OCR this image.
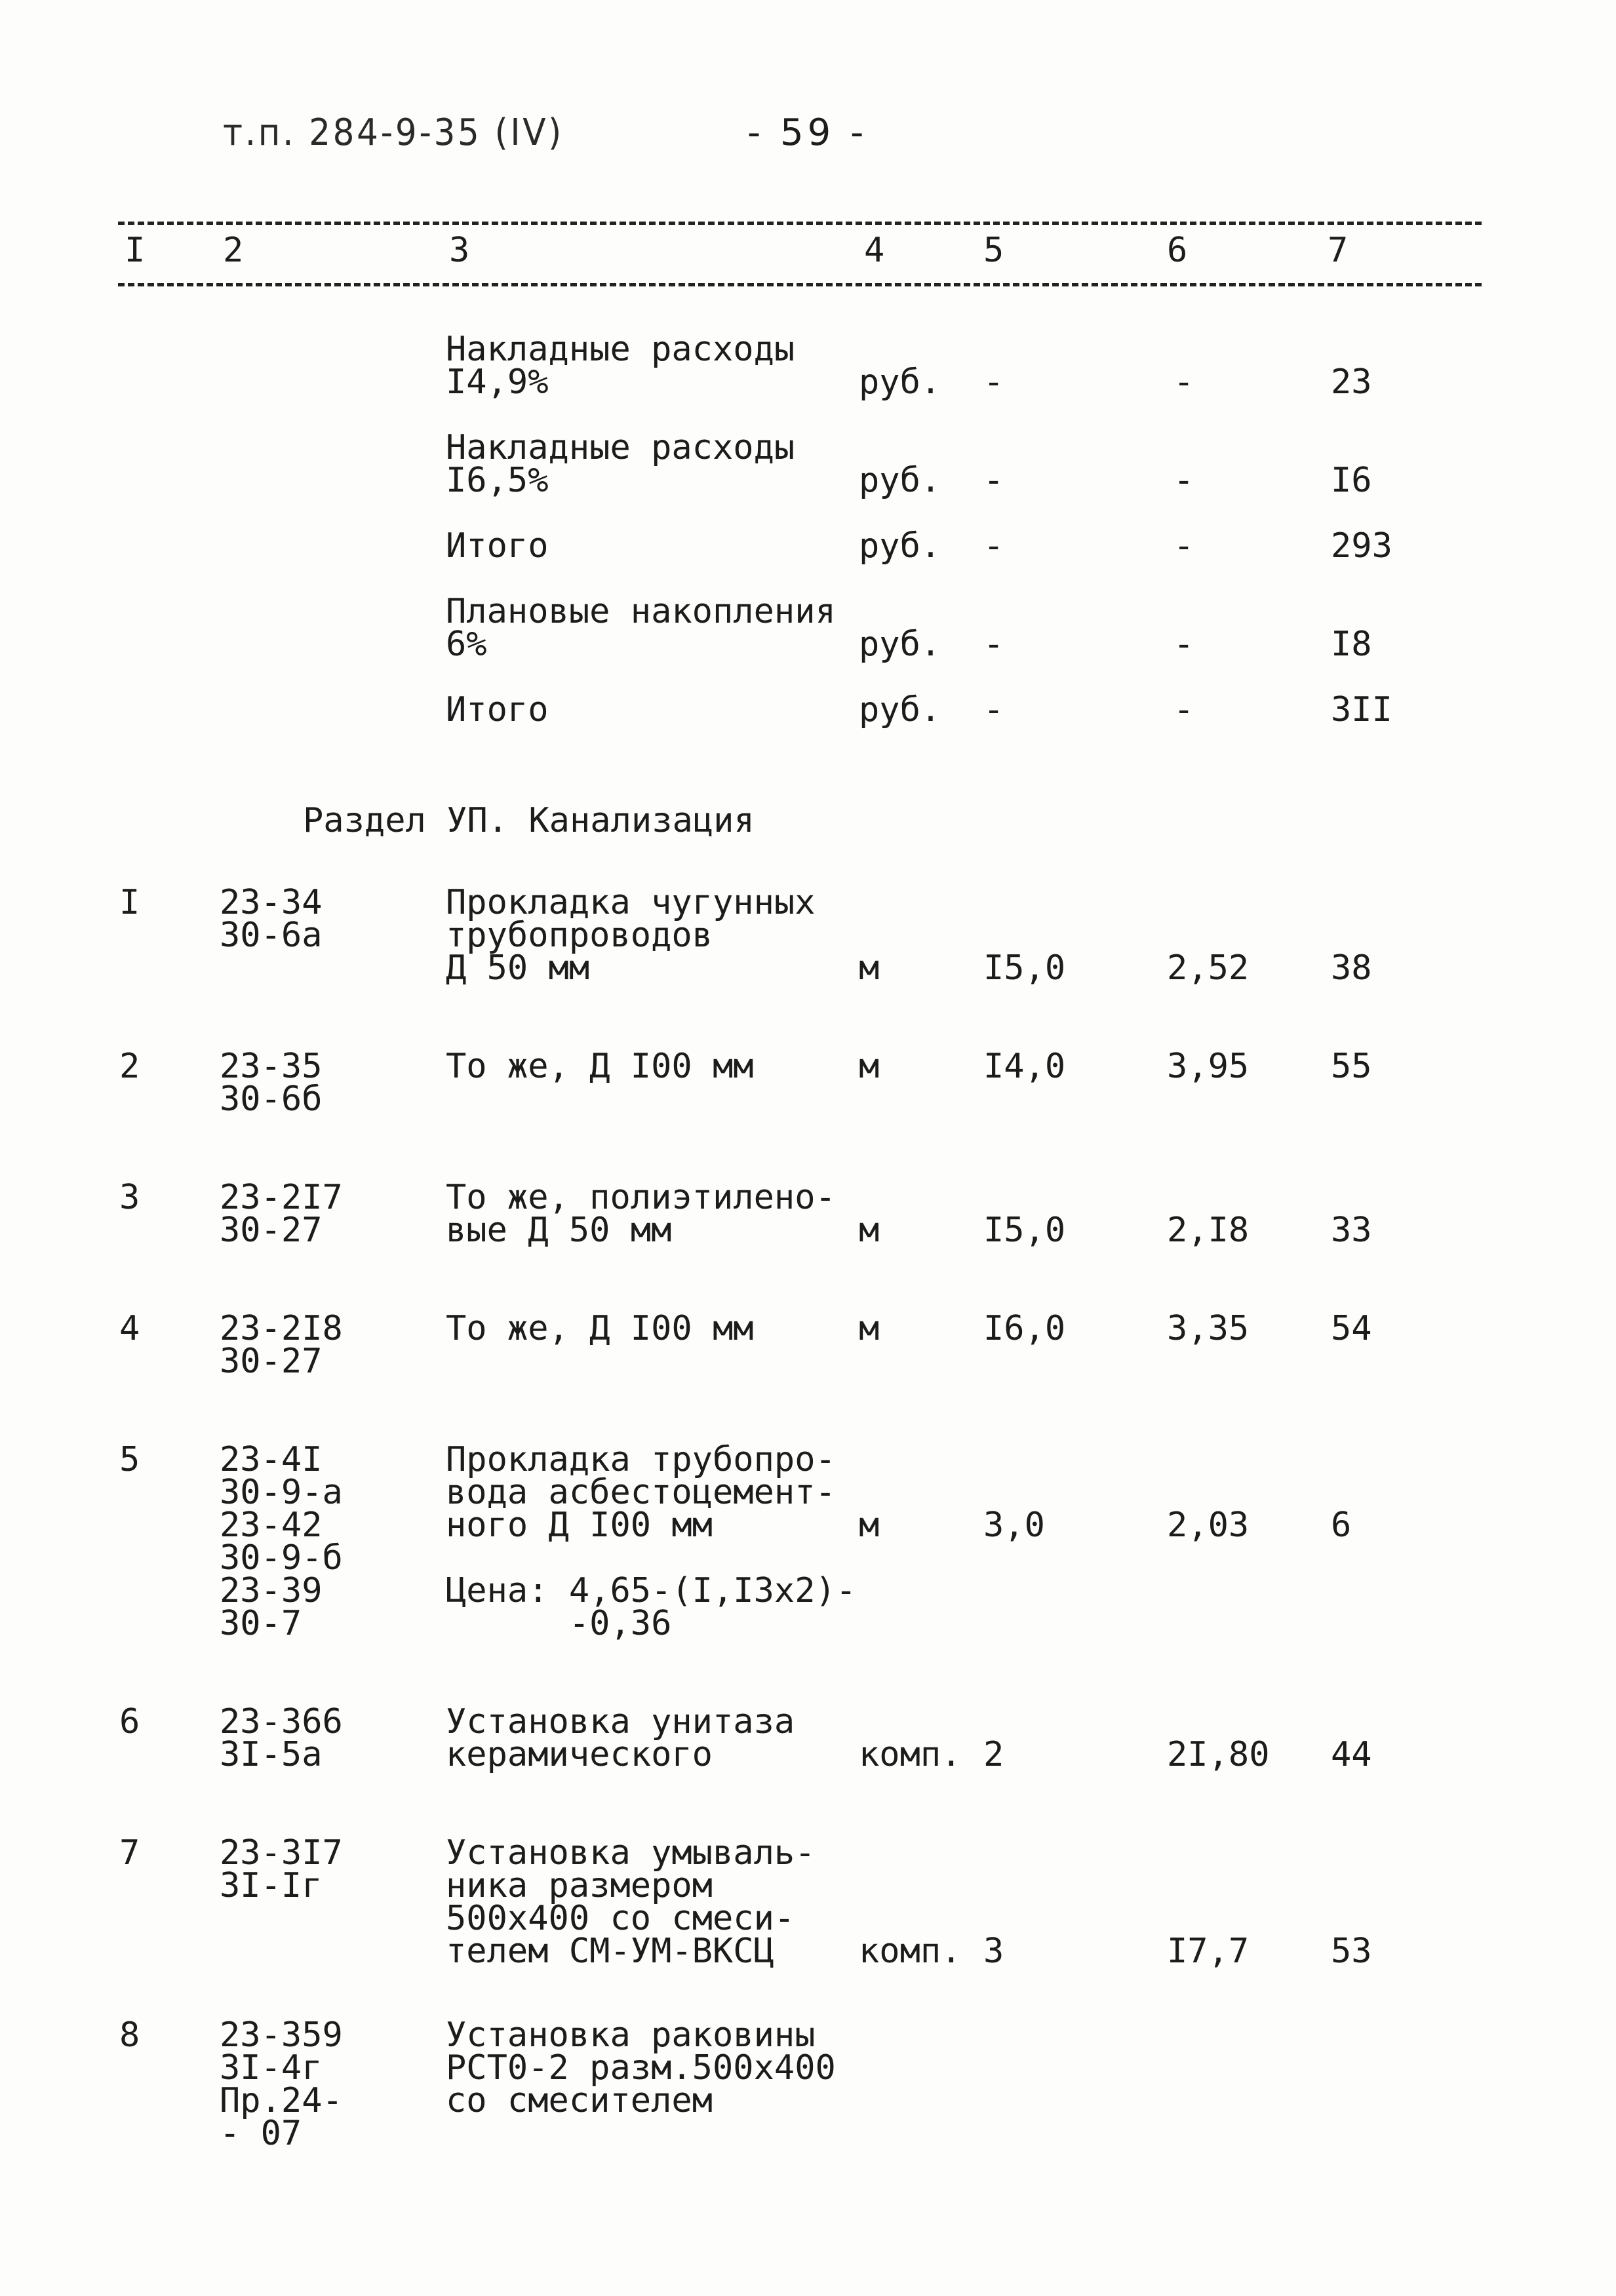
т.п. 284-9-35 (IV)	- 59 -
I 2	3	4	5	6	7
Накладные расходы
I4,9%	руб. -	-	23
Накладные расходы
I6,5%	руб. -	-	I6
Итого	руб. -	-	293
Плановые накопления
6%	руб. -	-	I8
Итого	руб. -	-	3II
Раздел УП. Канализация
I 23-34
30-6а
Прокладка чугунных
трубопроводов
Д 50 мм	м	I5,0	2,52 38
2 23-35
30-6б
То же, Д I00 мм	м	I4,0	3,95 55
3 23-2I7
30-27
То же, полиэтилено-
вые Д 50 мм	м	I5,0	2,I8 33
4 23-2I8
30-27
То же, Д I00 мм	м	I6,0	3,35 54
5 23-4I
30-9-а
23-42
30-9-б
23-39
30-7
Прокладка трубопро-
вода асбестоцемент-
ного Д I00 мм
Цена: 4,65-(I,I3х2)-
-0,36
м	3,0	2,03 6
6 23-366
3I-5а
Установка унитаза
керамического	комп. 2	2I,80 44
7 23-3I7
3I-Iг
Установка умываль-
ника размером
500х400 со смеси-
телем СМ-УМ-ВКСЦ	комп. 3	I7,7 53
8 23-359
3I-4г
Пр.24-
- 07
Установка раковины
РСТ0-2 разм.500х400
со смесителем
